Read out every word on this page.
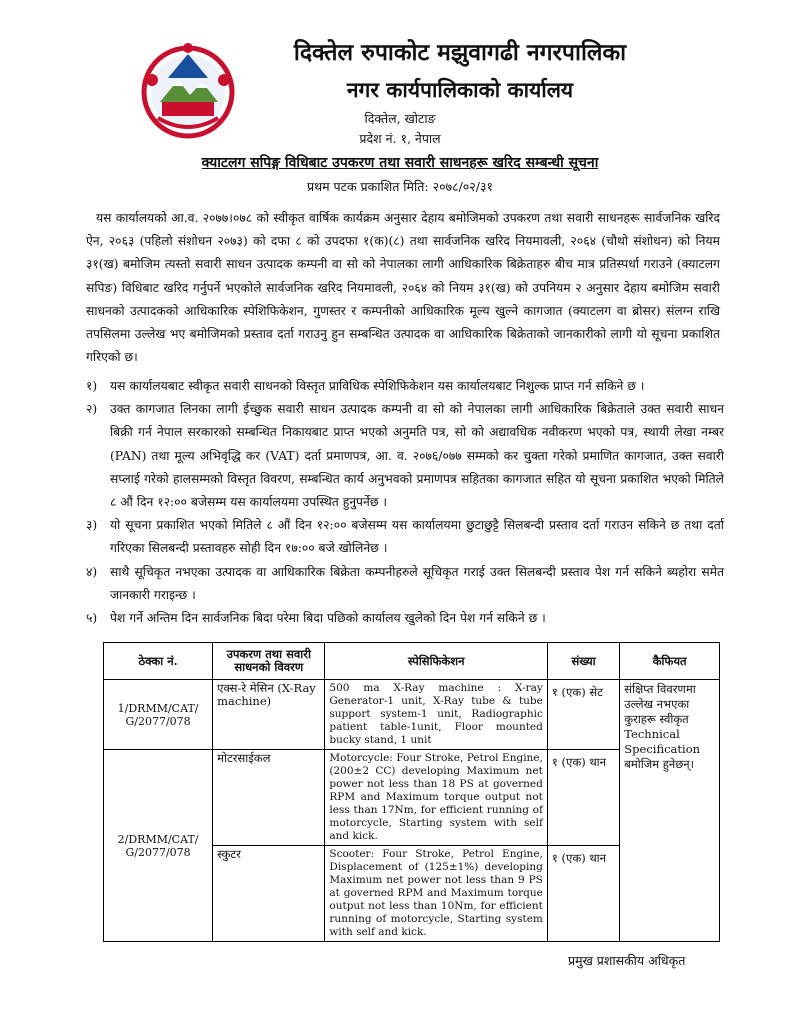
दिक्तेल रुपाकोट मझुवागढी नगरपालिका
नगर कार्यपालिकाको कार्यालय
दिक्तेल, खोटाङ
प्रदेश नं. १, नेपाल
क्याटलग सपिङ्ग विधिबाट उपकरण तथा सवारी साधनहरू खरिद सम्बन्धी सूचना
प्रथम पटक प्रकाशित मिति: २०७८/०२/३१
यस कार्यालयको आ.व. २०७७।०७८ को स्वीकृत वार्षिक कार्यक्रम अनुसार देहाय बमोजिमको उपकरण तथा सवारी साधनहरू सार्वजनिक खरिद ऐन, २०६३ (पहिलो संशोधन २०७३) को दफा ८ को उपदफा १(क)(८) तथा सार्वजनिक खरिद नियमावली, २०६४ (चौथो संशोधन) को नियम ३१(ख) बमोजिम त्यस्तो सवारी साधन उत्पादक कम्पनी वा सो को नेपालका लागी आधिकारिक बिक्रेताहरु बीच मात्र प्रतिस्पर्धा गराउने (क्याटलग सपिङ) विधिबाट खरिद गर्नुपर्ने भएकोले सार्वजनिक खरिद नियमावली, २०६४ को नियम ३१(ख) को उपनियम २ अनुसार देहाय बमोजिम सवारी साधनको उत्पादकको आधिकारिक स्पेशिफिकेशन, गुणस्तर र कम्पनीको आधिकारिक मूल्य खुल्ने कागजात (क्याटलग वा ब्रोसर) संलग्न राखि तपसिलमा उल्लेख भए बमोजिमको प्रस्ताव दर्ता गराउनु हुन सम्बन्धित उत्पादक वा आधिकारिक बिक्रेताको जानकारीको लागी यो सूचना प्रकाशित गरिएको छ।
१)	यस कार्यालयबाट स्वीकृत सवारी साधनको विस्तृत प्राविधिक स्पेशिफिकेशन यस कार्यालयबाट निशुल्क प्राप्त गर्न सकिने छ ।
२)	उक्त कागजात लिनका लागी ईच्छुक सवारी साधन उत्पादक कम्पनी वा सो को नेपालका लागी आधिकारिक बिक्रेताले उक्त सवारी साधन बिक्री गर्न नेपाल सरकारको सम्बन्धित निकायबाट प्राप्त भएको अनुमति पत्र, सो को अद्यावधिक नवीकरण भएको पत्र, स्थायी लेखा नम्बर (PAN) तथा मूल्य अभिवृद्धि कर (VAT) दर्ता प्रमाणपत्र, आ. व. २०७६/०७७ सम्मको कर चुक्ता गरेको प्रमाणित कागजात, उक्त सवारी सप्लाई गरेको हालसम्मको विस्तृत विवरण, सम्बन्धित कार्य अनुभवको प्रमाणपत्र सहितका कागजात सहित यो सूचना प्रकाशित भएको मितिले ८ औं दिन १२:०० बजेसम्म यस कार्यालयमा उपस्थित हुनुपर्नेछ ।
३)	यो सूचना प्रकाशित भएको मितिले ८ औं दिन १२:०० बजेसम्म यस कार्यालयमा छुटाछुट्टै सिलबन्दी प्रस्ताव दर्ता गराउन सकिने छ तथा दर्ता गरिएका सिलबन्दी प्रस्तावहरु सोही दिन १७:०० बजे खोलिनेछ ।
४)	साथै सूचिकृत नभएका उत्पादक वा आधिकारिक बिक्रेता कम्पनीहरुले सूचिकृत गराई उक्त सिलबन्दी प्रस्ताव पेश गर्न सकिने ब्यहोरा समेत जानकारी गराइन्छ ।
५)	पेश गर्ने अन्तिम दिन सार्वजनिक बिदा परेमा बिदा पछिको कार्यालय खुलेको दिन पेश गर्न सकिने छ ।
ठेक्का नं.	उपकरण तथा सवारी साधनको विवरण	स्पेसिफिकेशन	संख्या	कैफियत
1/DRMM/CAT/ G/2077/078	एक्स-रे मेसिन (X-Ray machine)	500 ma X-Ray machine : X-ray Generator-1 unit, X-Ray tube & tube support system-1 unit, Radiographic patient table-1unit, Floor mounted bucky stand, 1 unit	१ (एक) सेट	संक्षिप्त विवरणमा उल्लेख नभएका कुराहरू स्वीकृत Technical Specification बमोजिम हुनेछन्।
2/DRMM/CAT/ G/2077/078	मोटरसाईकल	Motorcycle: Four Stroke, Petrol Engine, (200±2 CC) developing Maximum net power not less than 18 PS at governed RPM and Maximum torque output not less than 17Nm, for efficient running of motorcycle, Starting system with self and kick.	१ (एक) थान	
	स्कुटर	Scooter: Four Stroke, Petrol Engine, Displacement of (125±1%) developing Maximum net power not less than 9 PS at governed RPM and Maximum torque output not less than 10Nm, for efficient running of motorcycle, Starting system with self and kick.	१ (एक) थान	
प्रमुख प्रशासकीय अधिकृत
